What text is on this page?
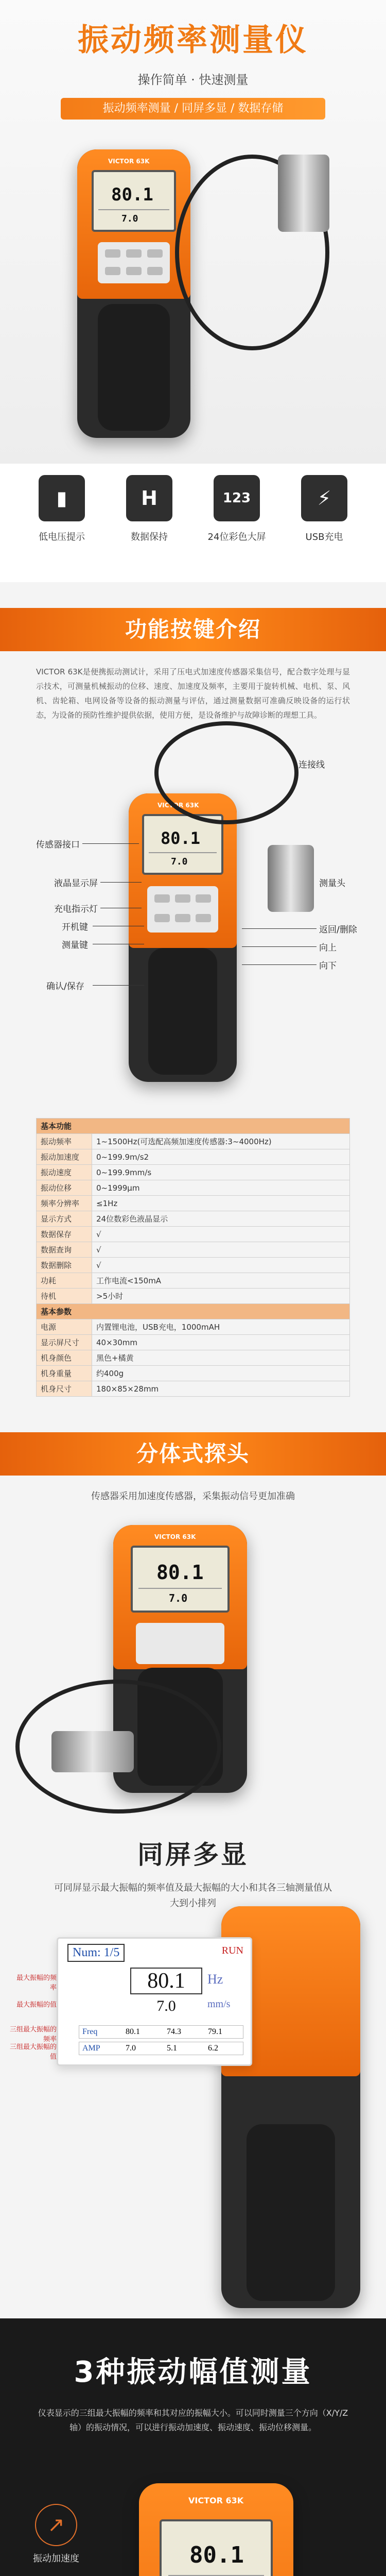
振动频率测量仪
操作简单 · 快速测量
振动频率测量 / 同屏多显 / 数据存储
VICTOR 63K
80.1
7.0
▮
低电压提示
H
数据保持
123
24位彩色大屏
⚡
USB充电
功能按键介绍
VICTOR 63K是便携振动测试计，采用了压电式加速度传感器采集信号，配合数字处理与显示技术，可测量机械振动的位移、速度、加速度及频率，主要用于旋转机械、电机、泵、风机、齿轮箱、电网设备等设备的振动测量与评估，通过测量数据可准确反映设备的运行状态，为设备的预防性维护提供依据，使用方便，是设备维护与故障诊断的理想工具。
VICTOR 63K
80.1
7.0
传感器接口
液晶显示屏
充电指示灯
开机键
测量键
确认/保存
连接线
测量头
返回/删除
向上
向下
基本功能	
振动频率	1~1500Hz(可选配高频加速度传感器:3~4000Hz)
振动加速度	0~199.9m/s2
振动速度	0~199.9mm/s
振动位移	0~1999μm
频率分辨率	≤1Hz
显示方式	24位数彩色液晶显示
数据保存	√
数据查询	√
数据删除	√
功耗	工作电流<150mA
待机	>5小时
基本参数	
电源	内置锂电池，USB充电，1000mAH
显示屏尺寸	40×30mm
机身颜色	黑色+橘黄
机身重量	约400g
机身尺寸	180×85×28mm
分体式探头
传感器采用加速度传感器，采集振动信号更加准确
VICTOR 63K
80.1
7.0
同屏多显
可同屏显示最大振幅的频率值及最大振幅的大小和其各三轴测量值从大到小排列
Num: 1/5	RUN
80.1	Hz
7.0	mm/s
Freq	80.1	74.3	79.1
AMP	7.0	5.1	6.2
最大振幅的频率
最大振幅的值
三组最大振幅的频率
三组最大振幅的值
3种振动幅值测量
仪表显示的三组最大振幅的频率和其对应的振幅大小。可以同时测量三个方向（X/Y/Z轴）的振动情况，可以进行振动加速度、振动速度、振动位移测量。
↗
振动加速度
VICTOR 63K
80.1
